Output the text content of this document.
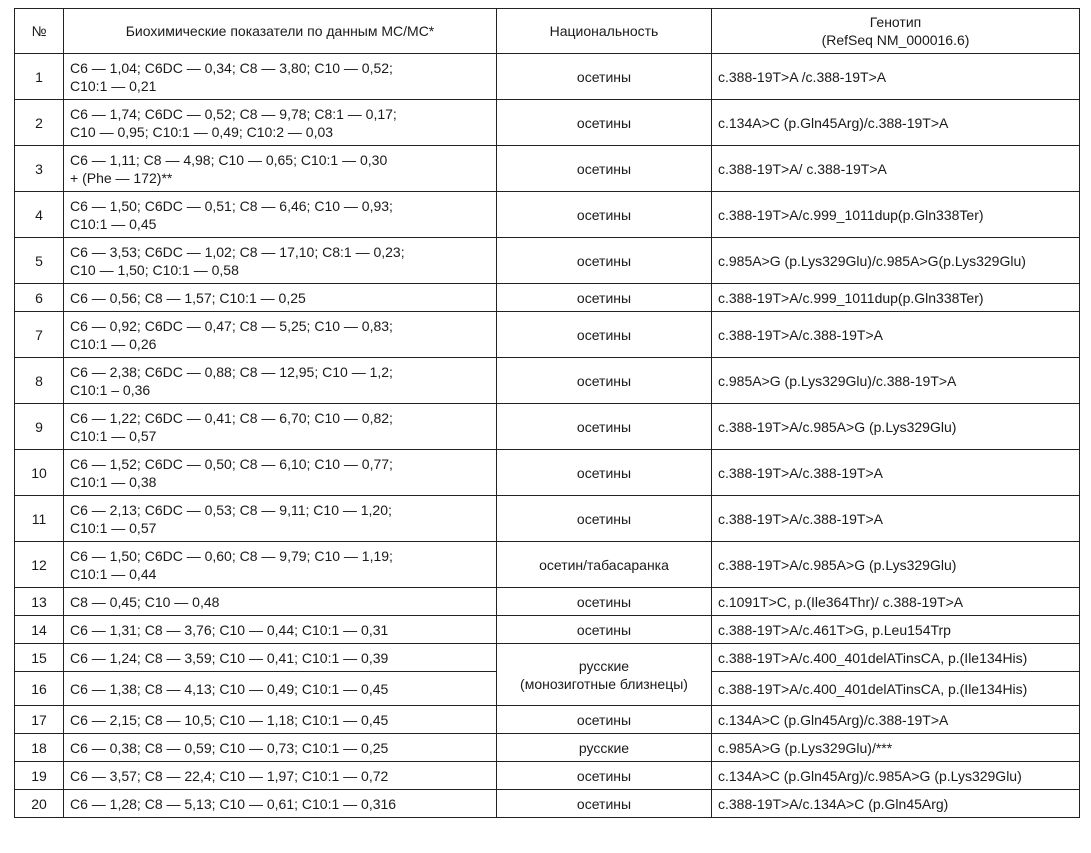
№	Биохимические показатели по данным МС/МС*	Национальность	Генотип
(RefSeq NM_000016.6)

1	C6 — 1,04; C6DC — 0,34; C8 — 3,80; C10 — 0,52;
C10:1 — 0,21	осетины	c.388-19T>A /c.388-19T>A
2	C6 — 1,74; C6DC — 0,52; C8 — 9,78; C8:1 — 0,17;
C10 — 0,95; C10:1 — 0,49; C10:2 — 0,03	осетины	c.134A>C (p.Gln45Arg)/c.388-19T>A
3	C6 — 1,11; C8 — 4,98; C10 — 0,65; C10:1 — 0,30
+ (Phe — 172)**	осетины	c.388-19T>A/ c.388-19T>A
4	C6 — 1,50; C6DC — 0,51; C8 — 6,46; C10 — 0,93;
C10:1 — 0,45	осетины	c.388-19T>A/c.999_1011dup(p.Gln338Ter)
5	C6 — 3,53; C6DC — 1,02; C8 — 17,10; C8:1 — 0,23;
C10 — 1,50; C10:1 — 0,58	осетины	c.985A>G (p.Lys329Glu)/c.985A>G(p.Lys329Glu)
6	C6 — 0,56; C8 — 1,57; C10:1 — 0,25	осетины	c.388-19T>A/c.999_1011dup(p.Gln338Ter)
7	C6 — 0,92; C6DC — 0,47; C8 — 5,25; C10 — 0,83;
C10:1 — 0,26	осетины	c.388-19T>A/c.388-19T>A
8	C6 — 2,38; C6DC — 0,88; C8 — 12,95; C10 — 1,2;
C10:1 – 0,36	осетины	c.985A>G (p.Lys329Glu)/c.388-19T>A
9	C6 — 1,22; C6DC — 0,41; C8 — 6,70; C10 — 0,82;
C10:1 — 0,57	осетины	c.388-19T>A/c.985A>G (p.Lys329Glu)
10	C6 — 1,52; C6DC — 0,50; C8 — 6,10; C10 — 0,77;
C10:1 — 0,38	осетины	c.388-19T>A/c.388-19T>A
11	C6 — 2,13; C6DC — 0,53; C8 — 9,11; C10 — 1,20;
C10:1 — 0,57	осетины	c.388-19T>A/c.388-19T>A
12	C6 — 1,50; C6DC — 0,60; C8 — 9,79; C10 — 1,19;
C10:1 — 0,44	осетин/табасаранка	c.388-19T>A/c.985A>G (p.Lys329Glu)
13	C8 — 0,45; C10 — 0,48	осетины	c.1091T>C, p.(Ile364Thr)/ c.388-19T>A
14	C6 — 1,31; C8 — 3,76; C10 — 0,44; C10:1 — 0,31	осетины	c.388-19T>A/c.461T>G, p.Leu154Trp
15	C6 — 1,24; C8 — 3,59; C10 — 0,41; C10:1 — 0,39	русские
(монозиготные близнецы)	c.388-19T>A/c.400_401delATinsCA, p.(Ile134His)
16	C6 — 1,38; C8 — 4,13; C10 — 0,49; C10:1 — 0,45		c.388-19T>A/c.400_401delATinsCA, p.(Ile134His)
17	C6 — 2,15; C8 — 10,5; C10 — 1,18; C10:1 — 0,45	осетины	c.134A>C (p.Gln45Arg)/c.388-19T>A
18	C6 — 0,38; C8 — 0,59; C10 — 0,73; C10:1 — 0,25	русские	c.985A>G (p.Lys329Glu)/***
19	C6 — 3,57; C8 — 22,4; C10 — 1,97; C10:1 — 0,72	осетины	c.134A>C (p.Gln45Arg)/c.985A>G (p.Lys329Glu)
20	C6 — 1,28; C8 — 5,13; C10 — 0,61; C10:1 — 0,316	осетины	c.388-19T>A/c.134A>C (p.Gln45Arg)
